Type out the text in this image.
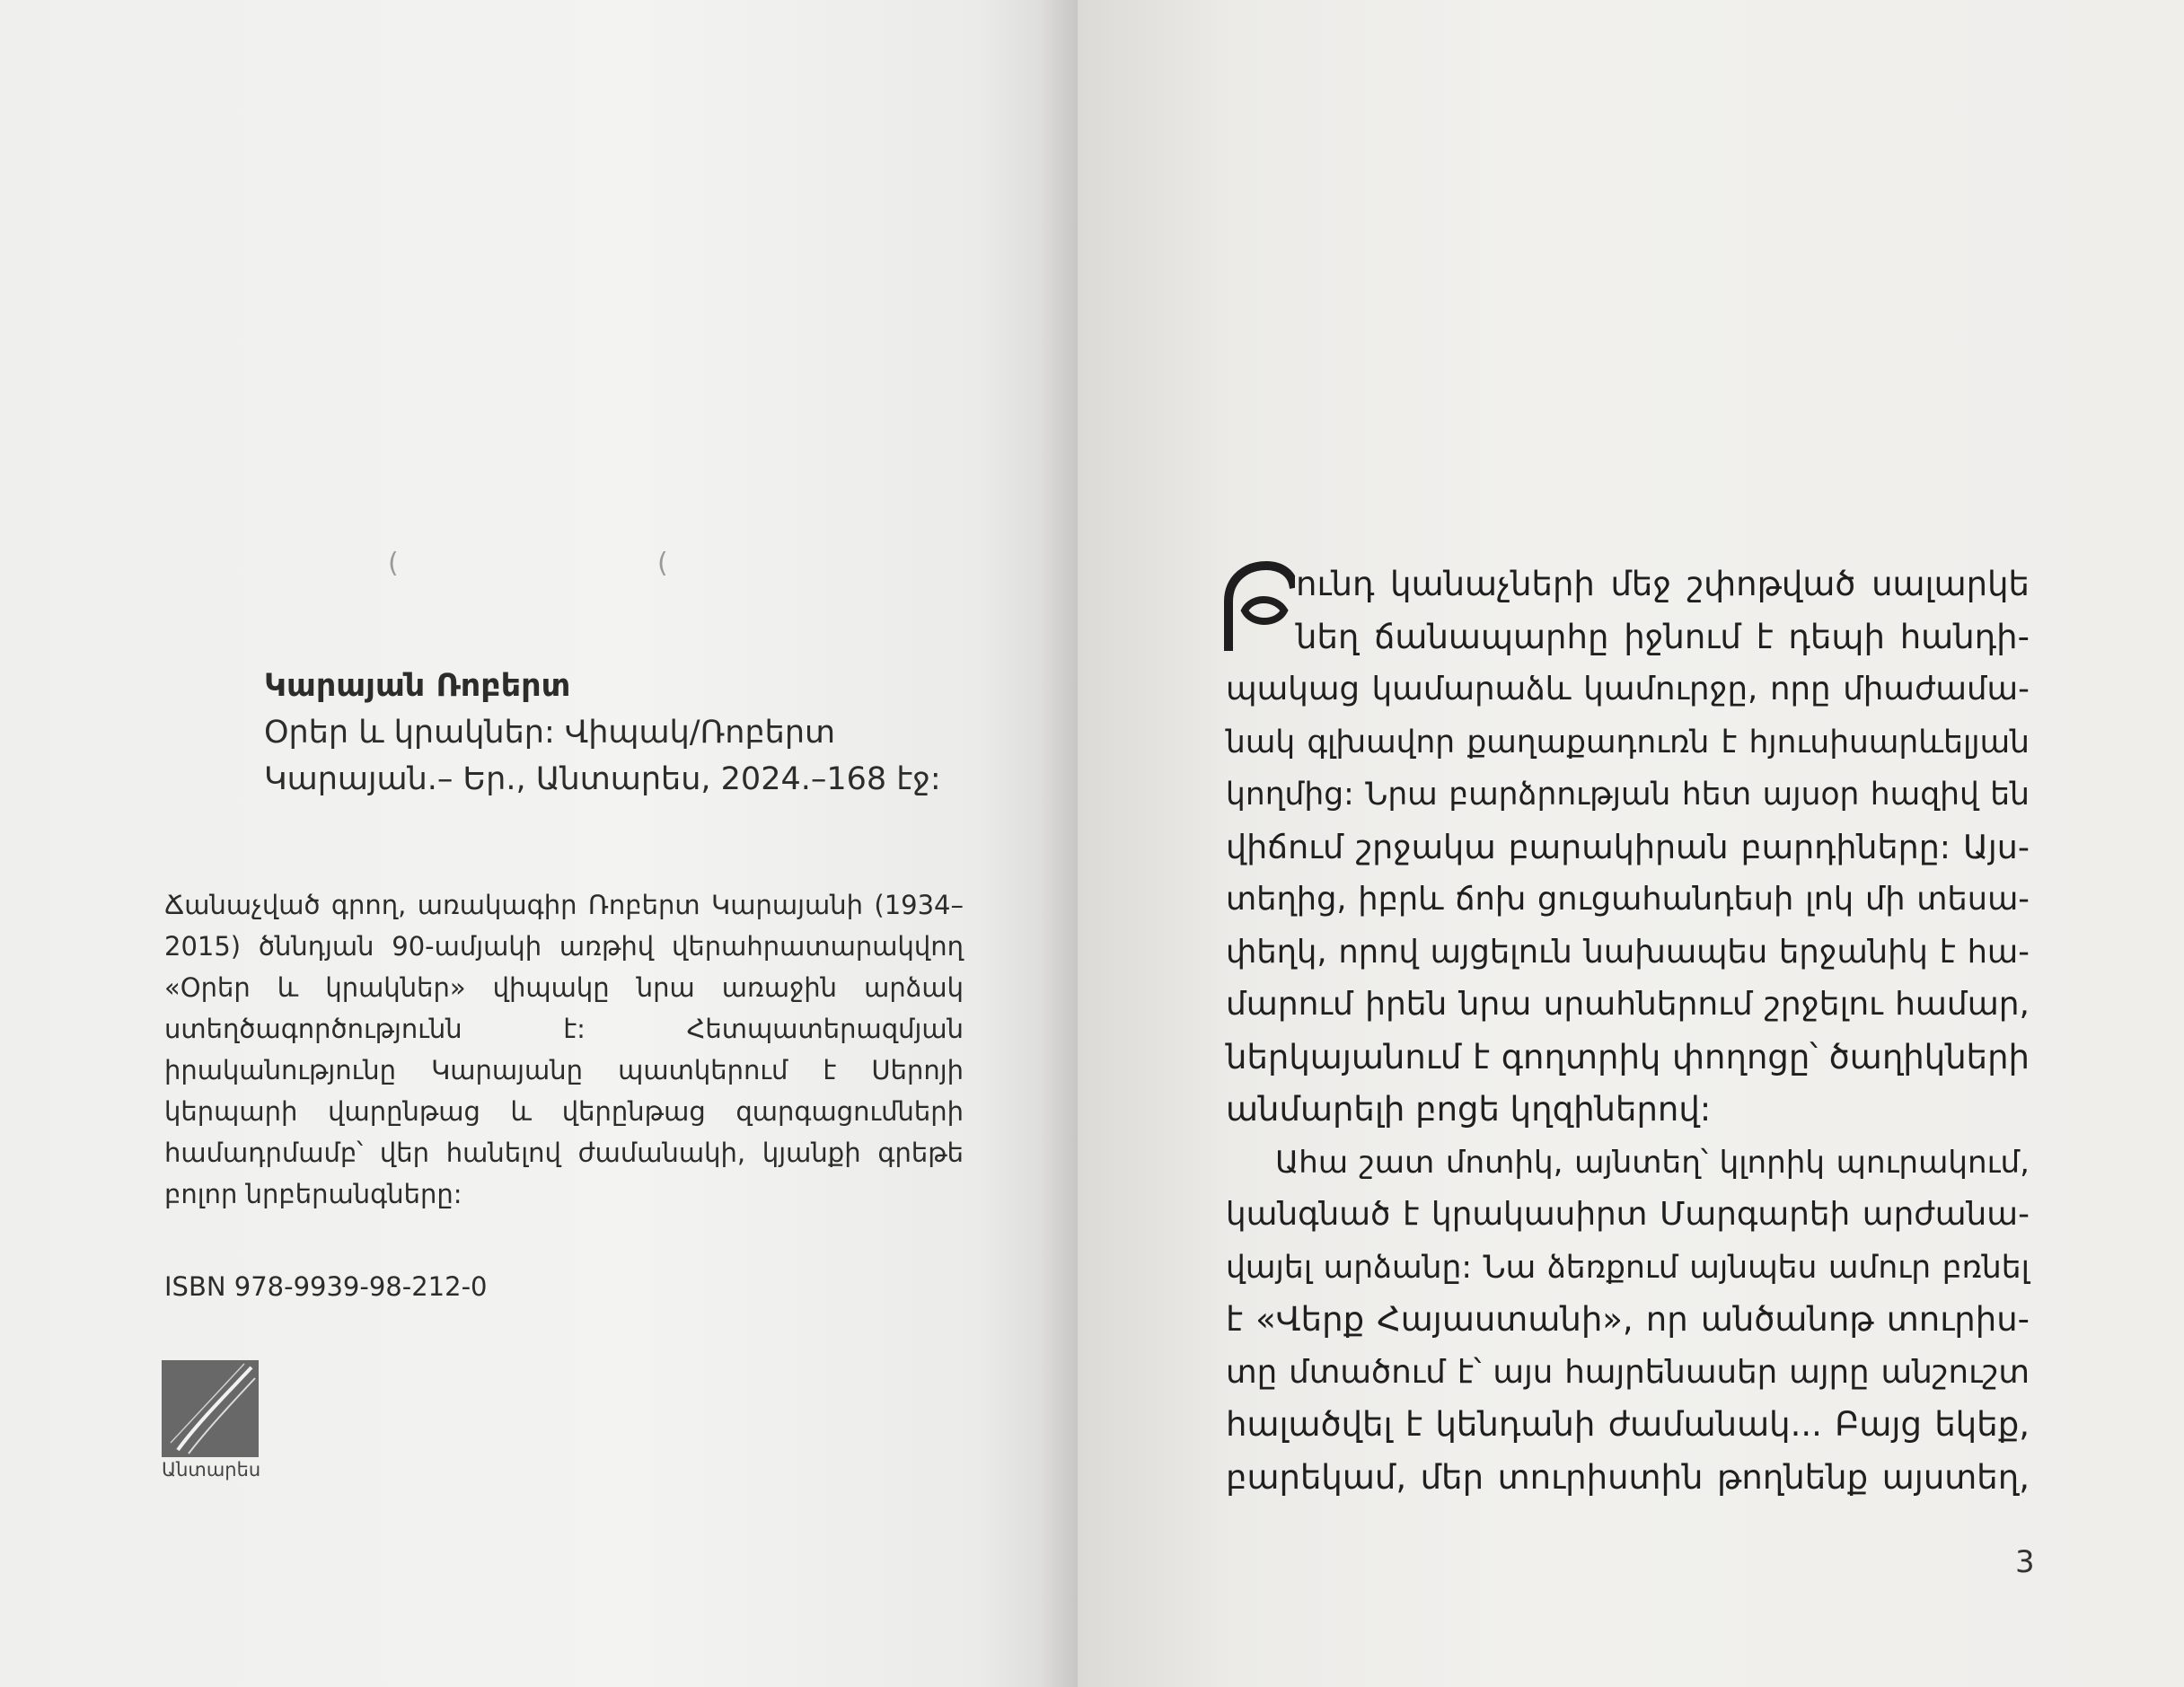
(	(
Կարայան Ռոբերտ
Օրեր և կրակներ: Վիպակ/Ռոբերտ
Կարայան.– Եր., Անտարես, 2024.–168 էջ:
Ճանաչված գրող, առակագիր Ռոբերտ Կարայանի (1934–2015) ծննդյան 90-ամյակի առթիվ վերահրատարակվող «Օրեր և կրակներ» վիպակը նրա առաջին արձակ ստեղծագործությունն է: Հետպատերազմյան իրականությունը Կարայանը պատկերում է Սերոյի կերպարի վարընթաց և վերընթաց զարգացումների համադրմամբ՝ վեր հանելով ժամանակի, կյանքի գրեթե բոլոր նրբերանգները:
ISBN 978-9939-98-212-0
Անտարես
ունդ կանաչների մեջ շփոթված սալարկե
նեղ ճանապարհը իջնում է դեպի հանդի-
պակաց կամարաձև կամուրջը, որը միաժամա-
նակ գլխավոր քաղաքադուռն է հյուսիսարևելյան
կողմից: Նրա բարձրության հետ այսօր հազիվ են
վիճում շրջակա բարակիրան բարդիները: Այս-
տեղից, իբրև ճոխ ցուցահանդեսի լոկ մի տեսա-
փեղկ, որով այցելուն նախապես երջանիկ է հա-
մարում իրեն նրա սրահներում շրջելու համար,
ներկայանում է գողտրիկ փողոցը՝ ծաղիկների
անմարելի բոցե կղզիներով:
Ահա շատ մոտիկ, այնտեղ՝ կլորիկ պուրակում,
կանգնած է կրակասիրտ Մարգարեի արժանա-
վայել արձանը: Նա ձեռքում այնպես ամուր բռնել
է «Վերք Հայաստանի», որ անծանոթ տուրիս-
տը մտածում է՝ այս հայրենասեր այրը անշուշտ
հալածվել է կենդանի ժամանակ... Բայց եկեք,
բարեկամ, մեր տուրիստին թողնենք այստեղ,
3
